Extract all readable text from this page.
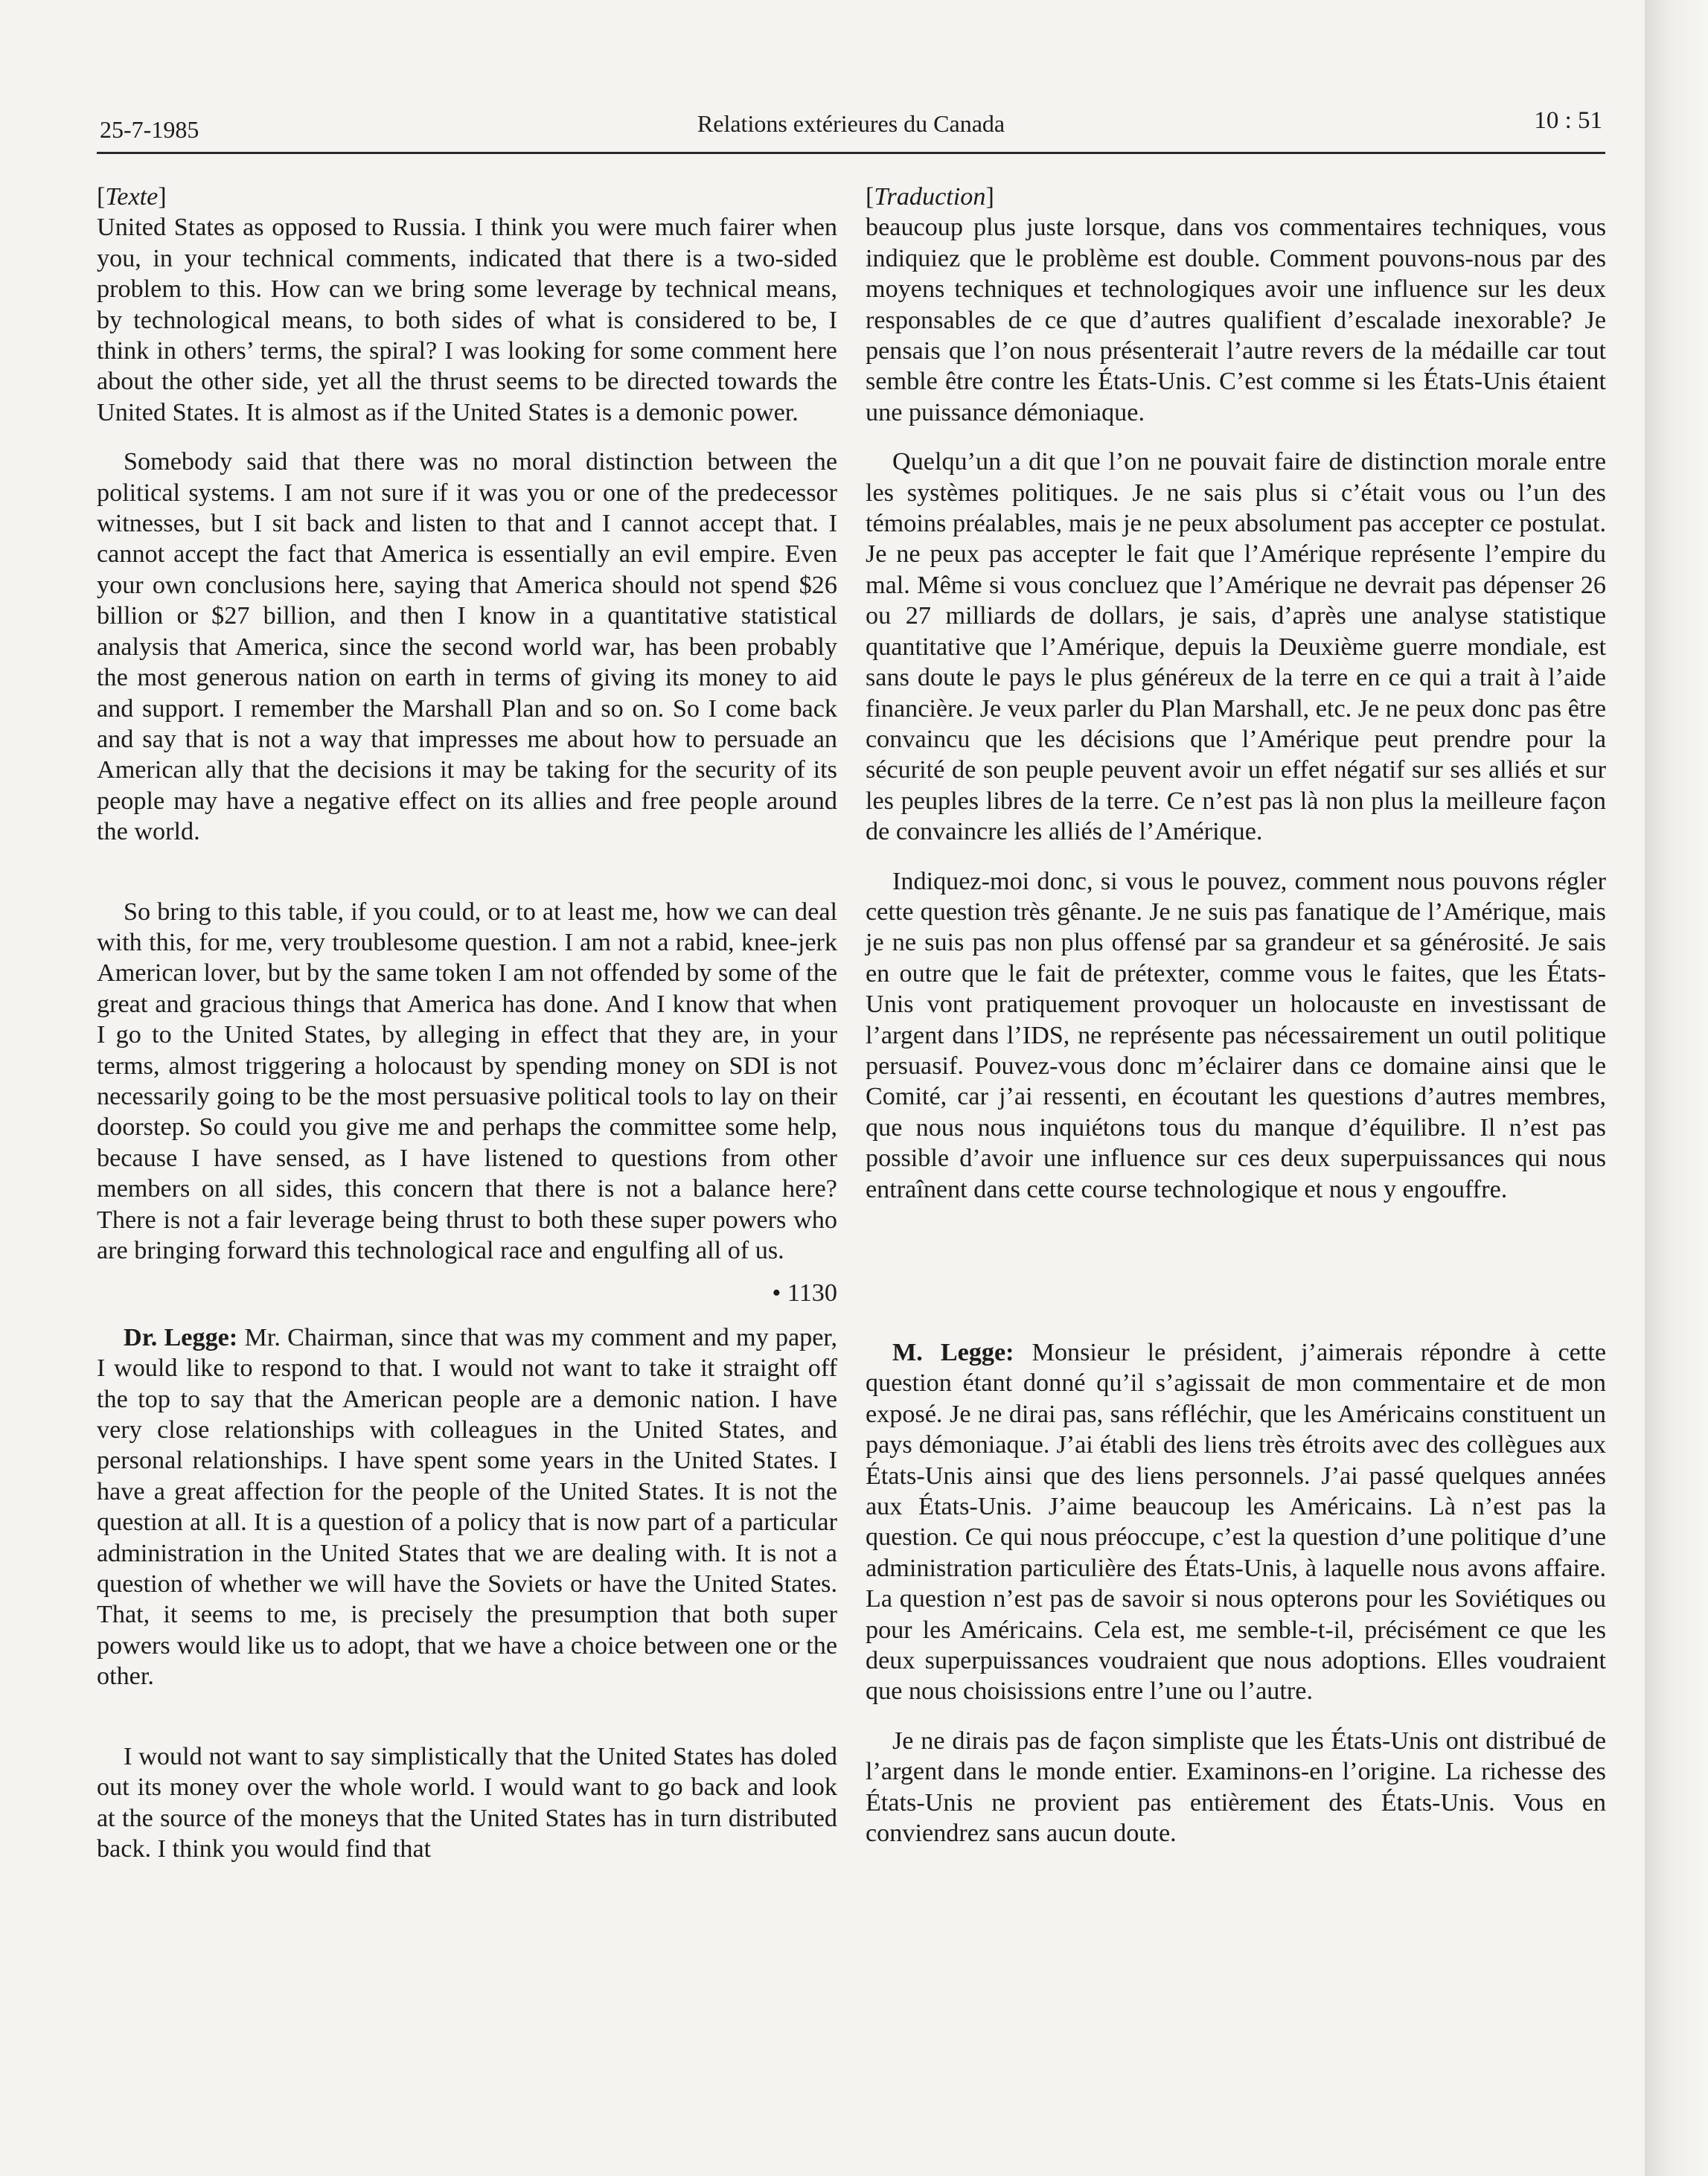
25-7-1985	Relations extérieures du Canada	10 : 51

[Texte]

United States as opposed to Russia. I think you were much fairer when you, in your technical comments, indicated that there is a two-sided problem to this. How can we bring some leverage by technical means, by technological means, to both sides of what is considered to be, I think in others’ terms, the spiral? I was looking for some comment here about the other side, yet all the thrust seems to be directed towards the United States. It is almost as if the United States is a demonic power.

Somebody said that there was no moral distinction between the political systems. I am not sure if it was you or one of the predecessor witnesses, but I sit back and listen to that and I cannot accept that. I cannot accept the fact that America is essentially an evil empire. Even your own conclusions here, saying that America should not spend $26 billion or $27 billion, and then I know in a quantitative statistical analysis that America, since the second world war, has been probably the most generous nation on earth in terms of giving its money to aid and support. I remember the Marshall Plan and so on. So I come back and say that is not a way that impresses me about how to persuade an American ally that the decisions it may be taking for the security of its people may have a negative effect on its allies and free people around the world.

So bring to this table, if you could, or to at least me, how we can deal with this, for me, very troublesome question. I am not a rabid, knee-jerk American lover, but by the same token I am not offended by some of the great and gracious things that America has done. And I know that when I go to the United States, by alleging in effect that they are, in your terms, almost triggering a holocaust by spending money on SDI is not necessarily going to be the most persuasive political tools to lay on their doorstep. So could you give me and perhaps the committee some help, because I have sensed, as I have listened to questions from other members on all sides, this concern that there is not a balance here? There is not a fair leverage being thrust to both these super powers who are bringing forward this technological race and engulfing all of us.

• 1130

Dr. Legge: Mr. Chairman, since that was my comment and my paper, I would like to respond to that. I would not want to take it straight off the top to say that the American people are a demonic nation. I have very close relationships with colleagues in the United States, and personal relationships. I have spent some years in the United States. I have a great affection for the people of the United States. It is not the question at all. It is a question of a policy that is now part of a particular administration in the United States that we are dealing with. It is not a question of whether we will have the Soviets or have the United States. That, it seems to me, is precisely the presumption that both super powers would like us to adopt, that we have a choice between one or the other.

I would not want to say simplistically that the United States has doled out its money over the whole world. I would want to go back and look at the source of the moneys that the United States has in turn distributed back. I think you would find that

[Traduction]

beaucoup plus juste lorsque, dans vos commentaires techniques, vous indiquiez que le problème est double. Comment pouvons-nous par des moyens techniques et technologiques avoir une influence sur les deux responsables de ce que d’autres qualifient d’escalade inexorable? Je pensais que l’on nous présenterait l’autre revers de la médaille car tout semble être contre les États-Unis. C’est comme si les États-Unis étaient une puissance démoniaque.

Quelqu’un a dit que l’on ne pouvait faire de distinction morale entre les systèmes politiques. Je ne sais plus si c’était vous ou l’un des témoins préalables, mais je ne peux absolument pas accepter ce postulat. Je ne peux pas accepter le fait que l’Amérique représente l’empire du mal. Même si vous concluez que l’Amérique ne devrait pas dépenser 26 ou 27 milliards de dollars, je sais, d’après une analyse statistique quantitative que l’Amérique, depuis la Deuxième guerre mondiale, est sans doute le pays le plus généreux de la terre en ce qui a trait à l’aide financière. Je veux parler du Plan Marshall, etc. Je ne peux donc pas être convaincu que les décisions que l’Amérique peut prendre pour la sécurité de son peuple peuvent avoir un effet négatif sur ses alliés et sur les peuples libres de la terre. Ce n’est pas là non plus la meilleure façon de convaincre les alliés de l’Amérique.

Indiquez-moi donc, si vous le pouvez, comment nous pouvons régler cette question très gênante. Je ne suis pas fanatique de l’Amérique, mais je ne suis pas non plus offensé par sa grandeur et sa générosité. Je sais en outre que le fait de prétexter, comme vous le faites, que les États-Unis vont pratiquement provoquer un holocauste en investissant de l’argent dans l’IDS, ne représente pas nécessairement un outil politique persuasif. Pouvez-vous donc m’éclairer dans ce domaine ainsi que le Comité, car j’ai ressenti, en écoutant les questions d’autres membres, que nous nous inquiétons tous du manque d’équilibre. Il n’est pas possible d’avoir une influence sur ces deux superpuissances qui nous entraînent dans cette course technologique et nous y engouffre.

M. Legge: Monsieur le président, j’aimerais répondre à cette question étant donné qu’il s’agissait de mon commentaire et de mon exposé. Je ne dirai pas, sans réfléchir, que les Américains constituent un pays démoniaque. J’ai établi des liens très étroits avec des collègues aux États-Unis ainsi que des liens personnels. J’ai passé quelques années aux États-Unis. J’aime beaucoup les Américains. Là n’est pas la question. Ce qui nous préoccupe, c’est la question d’une politique d’une administration particulière des États-Unis, à laquelle nous avons affaire. La question n’est pas de savoir si nous opterons pour les Soviétiques ou pour les Américains. Cela est, me semble-t-il, précisément ce que les deux superpuissances voudraient que nous adoptions. Elles voudraient que nous choisissions entre l’une ou l’autre.

Je ne dirais pas de façon simpliste que les États-Unis ont distribué de l’argent dans le monde entier. Examinons-en l’origine. La richesse des États-Unis ne provient pas entièrement des États-Unis. Vous en conviendrez sans aucun doute.
